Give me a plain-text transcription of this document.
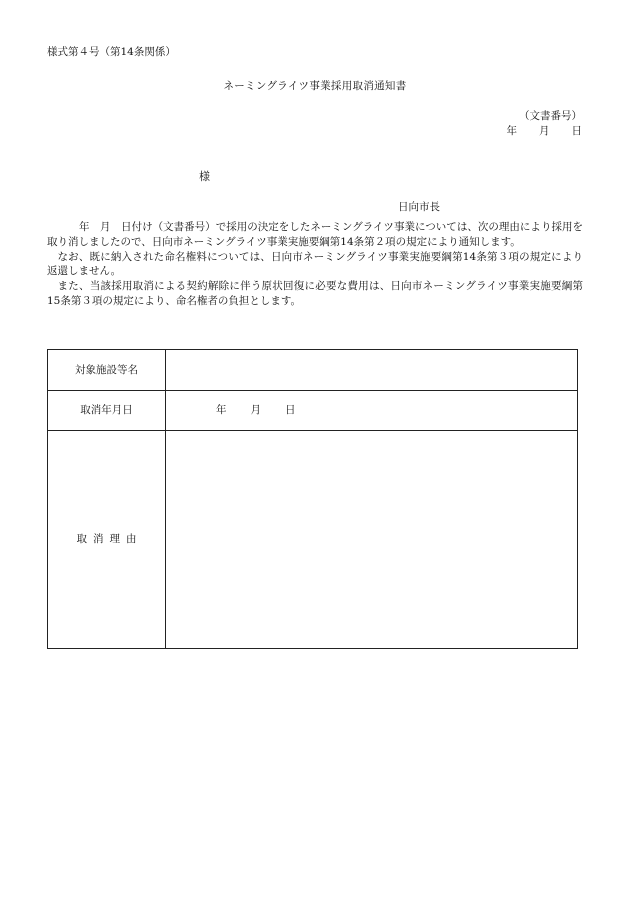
様式第４号（第14条関係）
ネーミングライツ事業採用取消通知書
（文書番号）
年 月 日
様
日向市長

年　月　日付け（文書番号）で採用の決定をしたネーミングライツ事業については、次の理由により採用を取り消しましたので、日向市ネーミングライツ事業実施要綱第14条第２項の規定により通知します。

なお、既に納入された命名権料については、日向市ネーミングライツ事業実施要綱第14条第３項の規定により返還しません。

また、当該採用取消による契約解除に伴う原状回復に必要な費用は、日向市ネーミングライツ事業実施要綱第15条第３項の規定により、命名権者の負担とします。

対象施設等名	
取消年月日	年 月 日
取消理由	
